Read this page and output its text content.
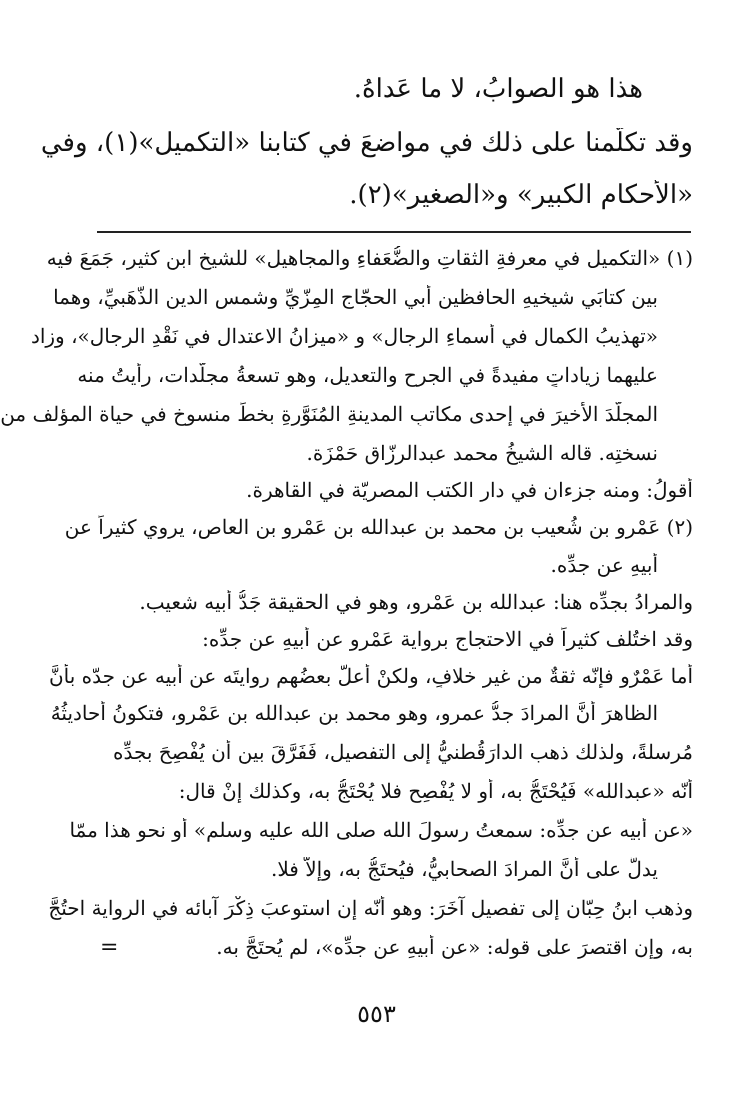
هذا هو الصوابُ، لا ما عَداهُ.
وقد تكلّمنا على ذلك في مواضعَ في كتابنا «التكميل»(١)، وفي
«الأحكام الكبير» و«الصغير»(٢).
(١) «التكميل في معرفةِ الثقاتِ والضُّعَفاءِ والمجاهيل» للشيخ ابنِ كثير، جَمَعَ فيه
بين كتابَي شيخيهِ الحافظين أبي الحجّاجِ المِزّيِّ وشمسِ الدين الذّهَبيِّ، وهما
«تهذيبُ الكمال في أسماءِ الرجال» و «ميزانُ الاعتدال في نَقْدِ الرجال»، وزاد
عليهما زياداتٍ مفيدةً في الجرح والتعديل، وهو تسعةُ مجلّدات، رأيتُ منه
المجلّدَ الأخيرَ في إحدى مكاتبِ المدينةِ المُنَوَّرةِ بخطٍّ منسوخٍ في حياة المؤلف من
نسختِه. قاله الشيخُ محمد عبدالرزّاق حَمْزَة.
أقولُ: ومنه جزءان في دار الكتب المصريّة في القاهرة.
(٢) عَمْرو بن شُعيب بن محمد بن عبدالله بن عَمْرو بن العاص، يروي كثيراً عن
أبيهِ عن جدِّه.
والمرادُ بجدِّه هنا: عبدالله بن عَمْرو، وهو في الحقيقة جَدُّ أبيه شعيب.
وقد اختُلف كثيراً في الاحتجاج برواية عَمْرو عن أبيهِ عن جدِّه:
أما عَمْرٌو فإنّه ثقةٌ من غير خلافٍ، ولكنْ أعلَّ بعضُهم روايتَه عن أبيه عن جدّه بأنَّ
الظاهرَ أنَّ المرادَ جدُّ عمرو، وهو محمد بن عبدالله بن عَمْرو، فتكونُ أحاديثُهُ
مُرسلةً، ولذلك ذهب الدارَقُطنيُّ إلى التفصيل، فَفَرَّقَ بين أن يُفْصِحَ بجدِّه
أنّه «عبدالله» فَيُحْتَجُّ به، أو لا يُفْصِح فلا يُحْتَجُّ به، وكذلك إنْ قال:
«عن أبيه عن جدِّه: سمعتُ رسولَ الله صلى الله عليه وسلم» أو نحو هذا ممّا
يدلُّ على أنَّ المرادَ الصحابيُّ، فيُحتَجُّ به، وإلاّ فلا.
وذهب ابنُ حِبّان إلى تفصيلٍ آخَرَ: وهو أنّه إن استوعبَ ذِكْرَ آبائه في الرواية احتُجَّ
به، وإنِ اقتصرَ على قوله: «عن أبيهِ عن جدِّه»، لم يُحتَجَّ به.
=
٥٥٣
